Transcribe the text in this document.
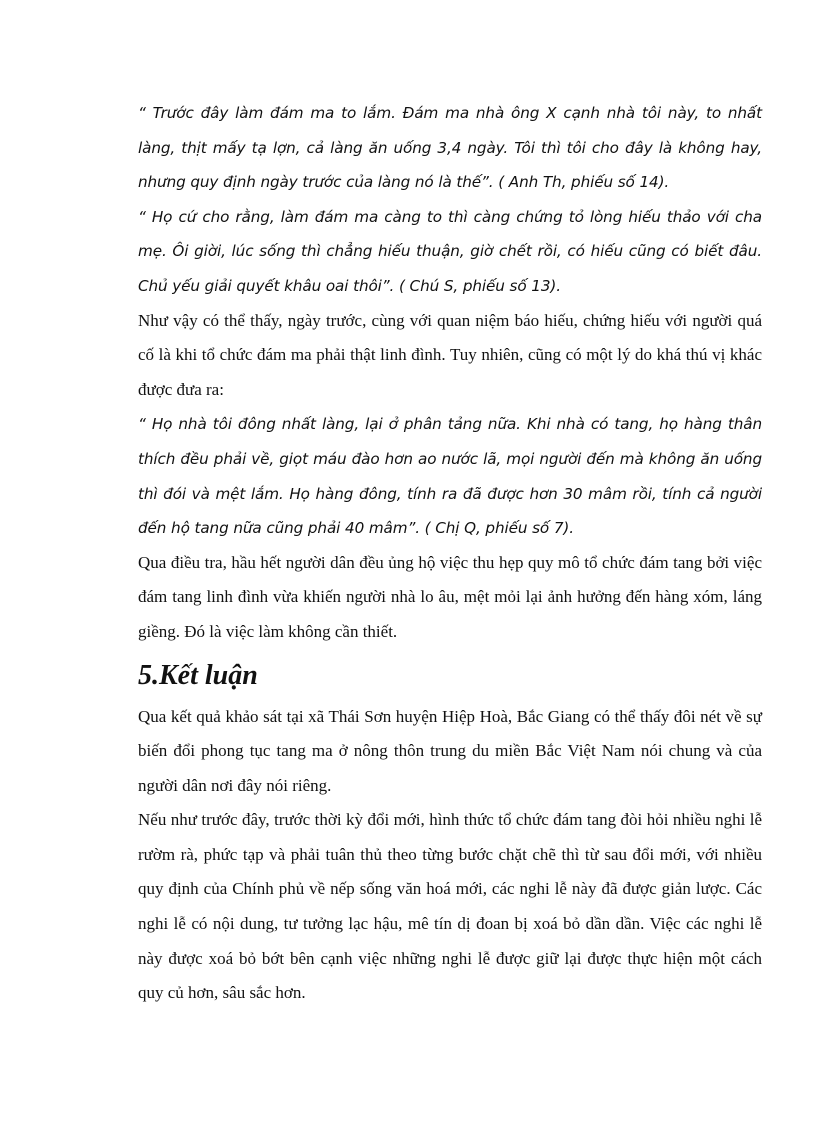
“ Trước đây làm đám ma to lắm. Đám ma nhà ông X cạnh nhà tôi này, to nhất làng, thịt mấy tạ lợn, cả làng ăn uống 3,4 ngày. Tôi thì tôi cho đây là không hay, nhưng quy định ngày trước của làng nó là thế”. ( Anh Th, phiếu số 14).

“ Họ cứ cho rằng, làm đám ma càng to thì càng chứng tỏ lòng hiếu thảo với cha mẹ. Ôi giời, lúc sống thì chẳng hiếu thuận, giờ chết rồi, có hiếu cũng có biết đâu. Chủ yếu giải quyết khâu oai thôi”. ( Chú S, phiếu số 13).

Như vậy có thể thấy, ngày trước, cùng với quan niệm báo hiếu, chứng hiếu với người quá cố là khi tổ chức đám ma phải thật linh đình. Tuy nhiên, cũng có một lý do khá thú vị khác được đưa ra:

“ Họ nhà tôi đông nhất làng, lại ở phân tảng nữa. Khi nhà có tang, họ hàng thân thích đều phải về, giọt máu đào hơn ao nước lã, mọi người đến mà không ăn uống thì đói và mệt lắm. Họ hàng đông, tính ra đã được hơn 30 mâm rồi, tính cả người đến hộ tang nữa cũng phải 40 mâm”. ( Chị Q, phiếu số 7).

Qua điều tra, hầu hết người dân đều ủng hộ việc thu hẹp quy mô tổ chức đám tang bởi việc đám tang linh đình vừa khiến người nhà lo âu, mệt mỏi lại ảnh hưởng đến hàng xóm, láng giềng. Đó là việc làm không cần thiết.

5.Kết luận

Qua kết quả khảo sát tại xã Thái Sơn huyện Hiệp Hoà, Bắc Giang có thể thấy đôi nét về sự biến đổi phong tục tang ma ở nông thôn trung du miền Bắc Việt Nam nói chung và của người dân nơi đây nói riêng.

Nếu như trước đây, trước thời kỳ đổi mới, hình thức tổ chức đám tang đòi hỏi nhiều nghi lễ rườm rà, phức tạp và phải tuân thủ theo từng bước chặt chẽ thì từ sau đổi mới, với nhiều quy định của Chính phủ về nếp sống văn hoá mới, các nghi lễ này đã được giản lược. Các nghi lễ có nội dung, tư tưởng lạc hậu, mê tín dị đoan bị xoá bỏ dần dần. Việc các nghi lễ này được xoá bỏ bớt bên cạnh việc những nghi lễ được giữ lại được thực hiện một cách quy củ hơn, sâu sắc hơn.
